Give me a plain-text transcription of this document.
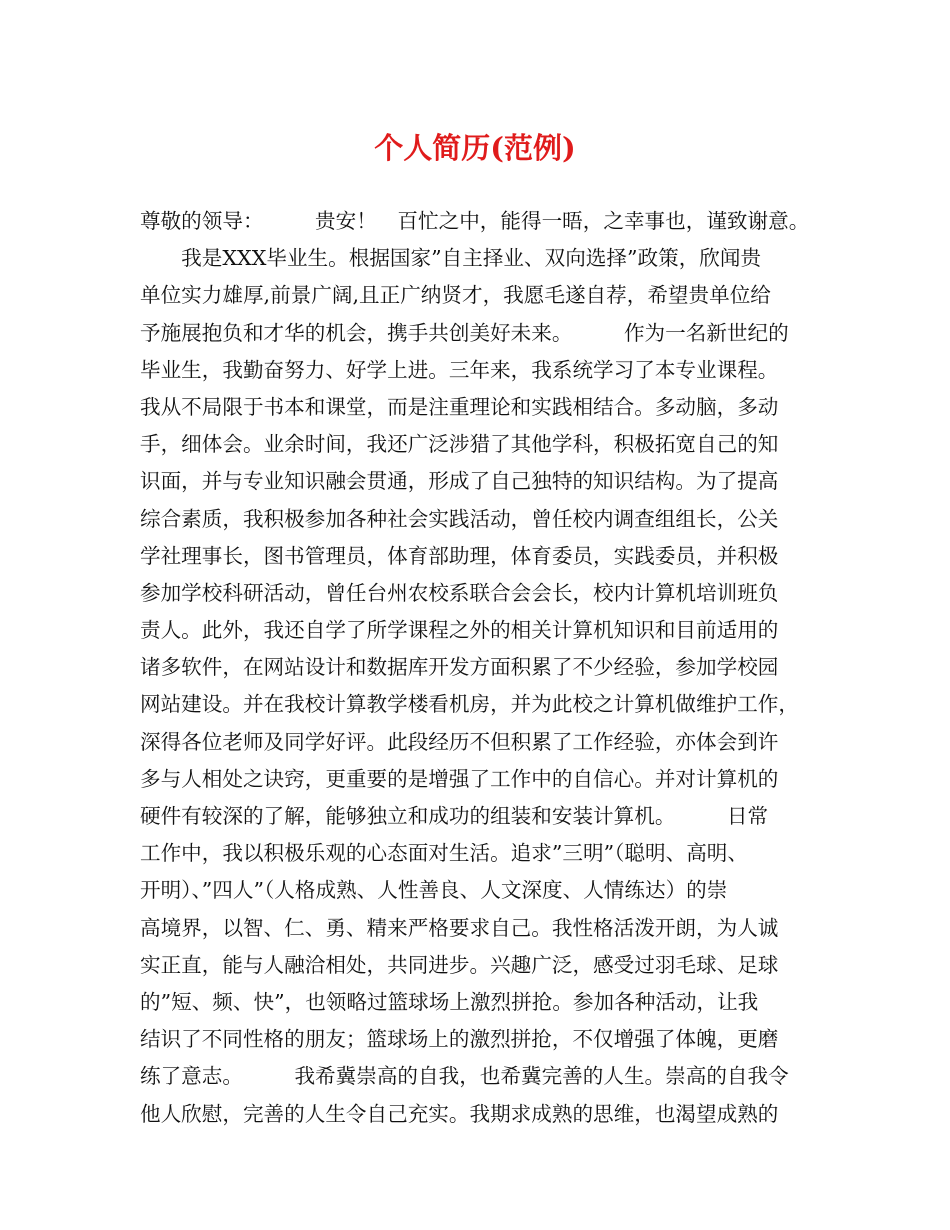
个人简历(范例)
尊敬的领导：　　　贵安！　百忙之中，能得一晤，之幸事也，谨致谢意。
　　我是XXX毕业生。根据国家”自主择业、双向选择”政策，欣闻贵
单位实力雄厚,前景广阔,且正广纳贤才，我愿毛遂自荐，希望贵单位给
予施展抱负和才华的机会，携手共创美好未来。　　　作为一名新世纪的
毕业生，我勤奋努力、好学上进。三年来，我系统学习了本专业课程。
我从不局限于书本和课堂，而是注重理论和实践相结合。多动脑，多动
手，细体会。业余时间，我还广泛涉猎了其他学科，积极拓宽自己的知
识面，并与专业知识融会贯通，形成了自己独特的知识结构。为了提高
综合素质，我积极参加各种社会实践活动，曾任校内调查组组长，公关
学社理事长，图书管理员，体育部助理，体育委员，实践委员，并积极
参加学校科研活动，曾任台州农校系联合会会长，校内计算机培训班负
责人。此外，我还自学了所学课程之外的相关计算机知识和目前适用的
诸多软件，在网站设计和数据库开发方面积累了不少经验，参加学校园
网站建设。并在我校计算教学楼看机房，并为此校之计算机做维护工作，
深得各位老师及同学好评。此段经历不但积累了工作经验，亦体会到许
多与人相处之诀窍，更重要的是增强了工作中的自信心。并对计算机的
硬件有较深的了解，能够独立和成功的组装和安装计算机。　　　日常
工作中，我以积极乐观的心态面对生活。追求”三明”（聪明、高明、
开明）、”四人”（人格成熟、人性善良、人文深度、人情练达）的崇
高境界，以智、仁、勇、精来严格要求自己。我性格活泼开朗，为人诚
实正直，能与人融洽相处，共同进步。兴趣广泛，感受过羽毛球、足球
的”短、频、快”，也领略过篮球场上激烈拼抢。参加各种活动，让我
结识了不同性格的朋友；篮球场上的激烈拼抢，不仅增强了体魄，更磨
练了意志。　　　我希冀崇高的自我，也希冀完善的人生。崇高的自我令
他人欣慰，完善的人生令自己充实。我期求成熟的思维，也渴望成熟的
